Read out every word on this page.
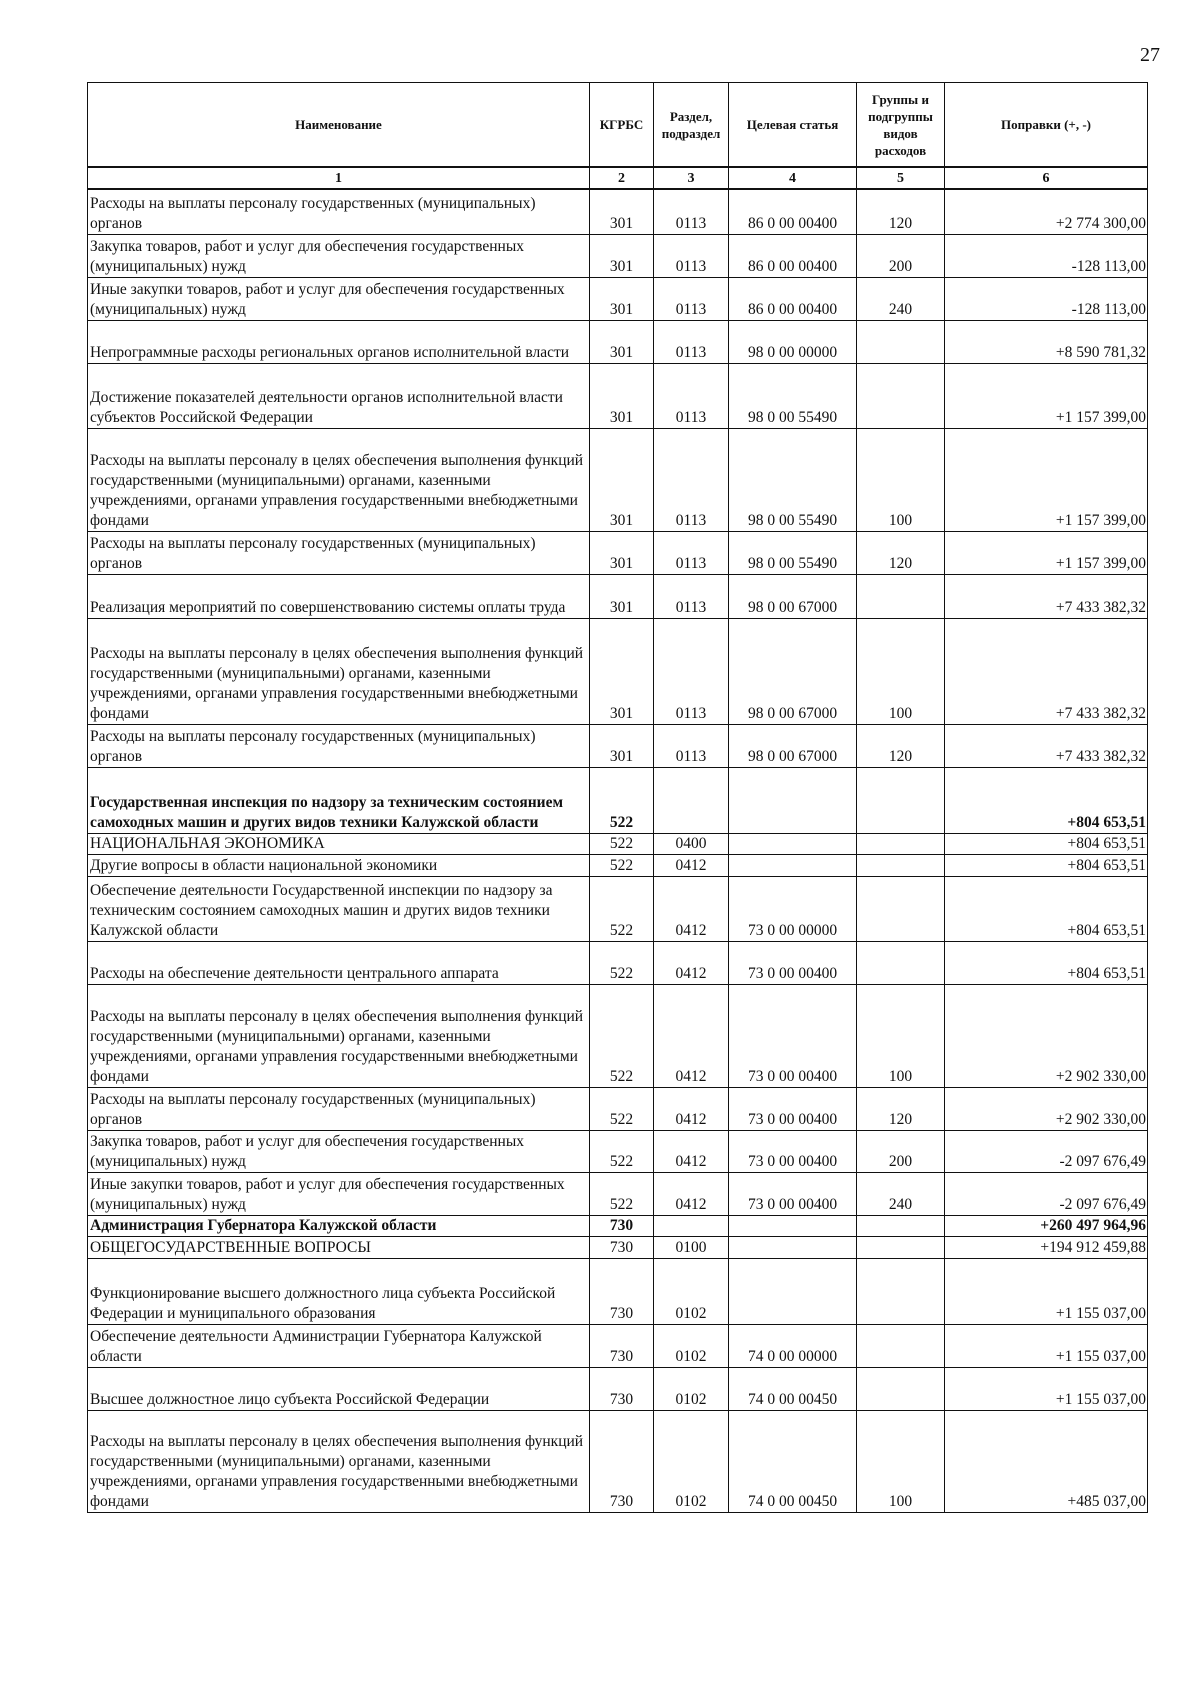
27
Наименование	КГРБС	Раздел, подраздел	Целевая статья	Группы и подгруппы видов расходов	Поправки (+, -)
1	2	3	4	5	6
Расходы на выплаты персоналу государственных (муниципальных) органов	301	0113	86 0 00 00400	120	+2 774 300,00
Закупка товаров, работ и услуг для обеспечения государственных (муниципальных) нужд	301	0113	86 0 00 00400	200	-128 113,00
Иные закупки товаров, работ и услуг для обеспечения государственных (муниципальных) нужд	301	0113	86 0 00 00400	240	-128 113,00
Непрограммные расходы региональных органов исполнительной власти	301	0113	98 0 00 00000		+8 590 781,32
Достижение показателей деятельности органов исполнительной власти субъектов Российской Федерации	301	0113	98 0 00 55490		+1 157 399,00
Расходы на выплаты персоналу в целях обеспечения выполнения функций государственными (муниципальными) органами, казенными учреждениями, органами управления государственными внебюджетными фондами	301	0113	98 0 00 55490	100	+1 157 399,00
Расходы на выплаты персоналу государственных (муниципальных) органов	301	0113	98 0 00 55490	120	+1 157 399,00
Реализация мероприятий по совершенствованию системы оплаты труда	301	0113	98 0 00 67000		+7 433 382,32
Расходы на выплаты персоналу в целях обеспечения выполнения функций государственными (муниципальными) органами, казенными учреждениями, органами управления государственными внебюджетными фондами	301	0113	98 0 00 67000	100	+7 433 382,32
Расходы на выплаты персоналу государственных (муниципальных) органов	301	0113	98 0 00 67000	120	+7 433 382,32
Государственная инспекция по надзору за техническим состоянием самоходных машин и других видов техники Калужской области	522				+804 653,51
НАЦИОНАЛЬНАЯ ЭКОНОМИКА	522	0400			+804 653,51
Другие вопросы в области национальной экономики	522	0412			+804 653,51
Обеспечение деятельности Государственной инспекции по надзору за техническим состоянием самоходных машин и других видов техники Калужской области	522	0412	73 0 00 00000		+804 653,51
Расходы на обеспечение деятельности центрального аппарата	522	0412	73 0 00 00400		+804 653,51
Расходы на выплаты персоналу в целях обеспечения выполнения функций государственными (муниципальными) органами, казенными учреждениями, органами управления государственными внебюджетными фондами	522	0412	73 0 00 00400	100	+2 902 330,00
Расходы на выплаты персоналу государственных (муниципальных) органов	522	0412	73 0 00 00400	120	+2 902 330,00
Закупка товаров, работ и услуг для обеспечения государственных (муниципальных) нужд	522	0412	73 0 00 00400	200	-2 097 676,49
Иные закупки товаров, работ и услуг для обеспечения государственных (муниципальных) нужд	522	0412	73 0 00 00400	240	-2 097 676,49
Администрация Губернатора Калужской области	730				+260 497 964,96
ОБЩЕГОСУДАРСТВЕННЫЕ ВОПРОСЫ	730	0100			+194 912 459,88
Функционирование высшего должностного лица субъекта Российской Федерации и муниципального образования	730	0102			+1 155 037,00
Обеспечение деятельности Администрации Губернатора Калужской области	730	0102	74 0 00 00000		+1 155 037,00
Высшее должностное лицо субъекта Российской Федерации	730	0102	74 0 00 00450		+1 155 037,00
Расходы на выплаты персоналу в целях обеспечения выполнения функций государственными (муниципальными) органами, казенными учреждениями, органами управления государственными внебюджетными фондами	730	0102	74 0 00 00450	100	+485 037,00
